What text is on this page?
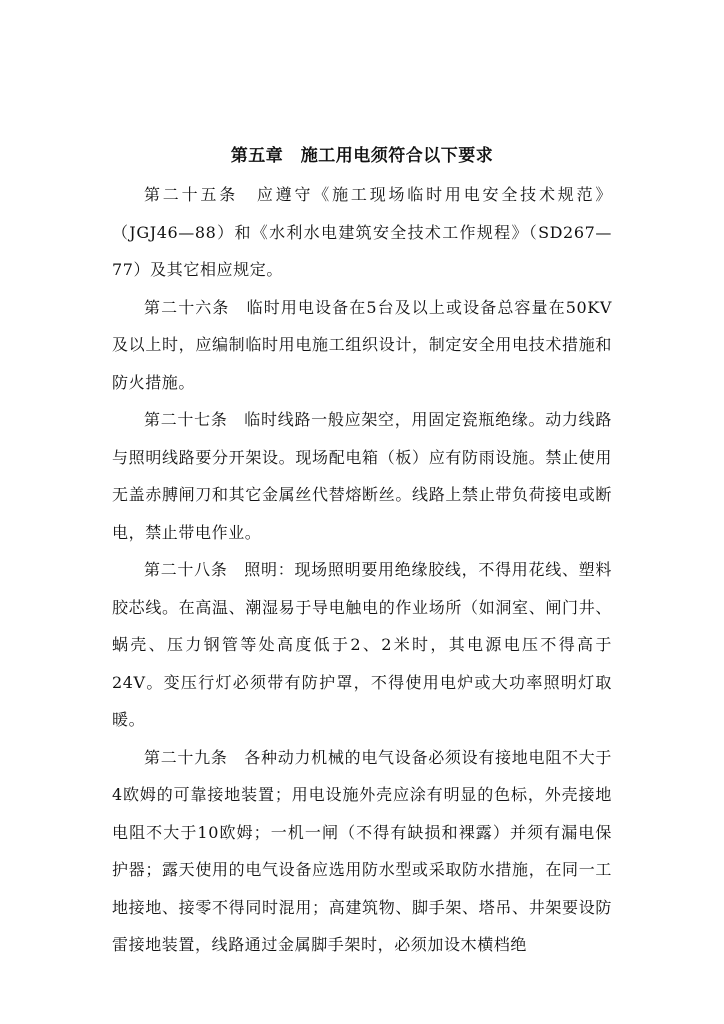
第五章　施工用电须符合以下要求

第二十五条　应遵守《施工现场临时用电安全技术规范》（JGJ46—88）和《水利水电建筑安全技术工作规程》（SD267—77）及其它相应规定。

第二十六条　临时用电设备在5台及以上或设备总容量在50KV及以上时，应编制临时用电施工组织设计，制定安全用电技术措施和防火措施。

第二十七条　临时线路一般应架空，用固定瓷瓶绝缘。动力线路与照明线路要分开架设。现场配电箱（板）应有防雨设施。禁止使用无盖赤膊闸刀和其它金属丝代替熔断丝。线路上禁止带负荷接电或断电，禁止带电作业。

第二十八条　照明：现场照明要用绝缘胶线，不得用花线、塑料胶芯线。在高温、潮湿易于导电触电的作业场所（如洞室、闸门井、蜗壳、压力钢管等处高度低于2、2米时，其电源电压不得高于24V。变压行灯必须带有防护罩，不得使用电炉或大功率照明灯取暖。

第二十九条　各种动力机械的电气设备必须设有接地电阻不大于4欧姆的可靠接地装置；用电设施外壳应涂有明显的色标，外壳接地电阻不大于10欧姆；一机一闸（不得有缺损和裸露）并须有漏电保护器；露天使用的电气设备应选用防水型或采取防水措施，在同一工地接地、接零不得同时混用；高建筑物、脚手架、塔吊、井架要设防雷接地装置，线路通过金属脚手架时，必须加设木横档绝
